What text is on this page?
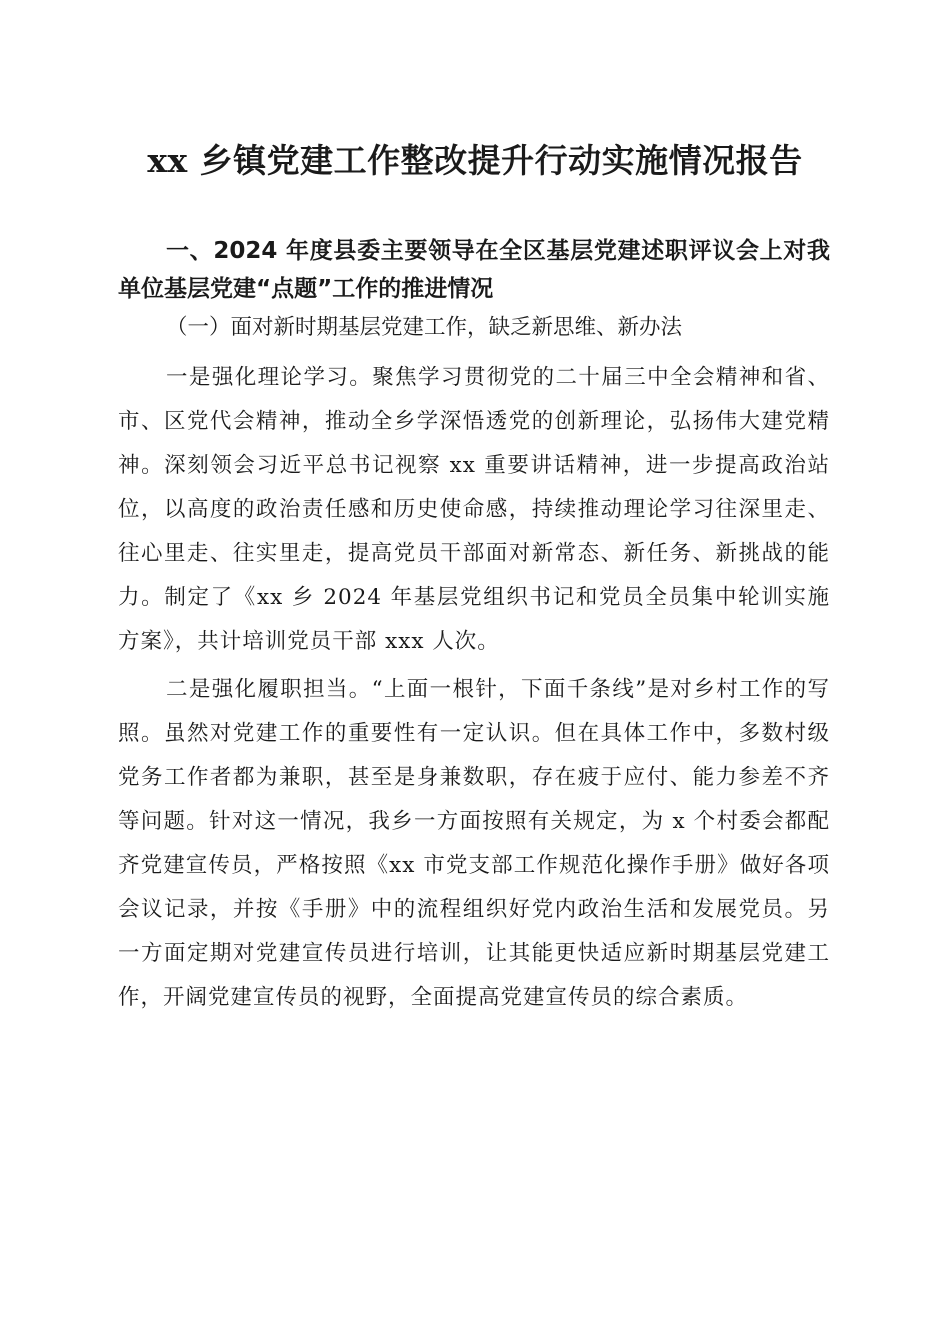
xx 乡镇党建工作整改提升行动实施情况报告

一、2024 年度县委主要领导在全区基层党建述职评议会上对我单位基层党建“点题”工作的推进情况

（一）面对新时期基层党建工作，缺乏新思维、新办法

一是强化理论学习。聚焦学习贯彻党的二十届三中全会精神和省、市、区党代会精神，推动全乡学深悟透党的创新理论，弘扬伟大建党精神。深刻领会习近平总书记视察 xx 重要讲话精神，进一步提高政治站位，以高度的政治责任感和历史使命感，持续推动理论学习往深里走、往心里走、往实里走，提高党员干部面对新常态、新任务、新挑战的能力。制定了《xx 乡 2024 年基层党组织书记和党员全员集中轮训实施方案》，共计培训党员干部 xxx 人次。

二是强化履职担当。“上面一根针，下面千条线”是对乡村工作的写照。虽然对党建工作的重要性有一定认识。但在具体工作中，多数村级党务工作者都为兼职，甚至是身兼数职，存在疲于应付、能力参差不齐等问题。针对这一情况，我乡一方面按照有关规定，为 x 个村委会都配齐党建宣传员，严格按照《xx 市党支部工作规范化操作手册》做好各项会议记录，并按《手册》中的流程组织好党内政治生活和发展党员。另一方面定期对党建宣传员进行培训，让其能更快适应新时期基层党建工作，开阔党建宣传员的视野，全面提高党建宣传员的综合素质。
